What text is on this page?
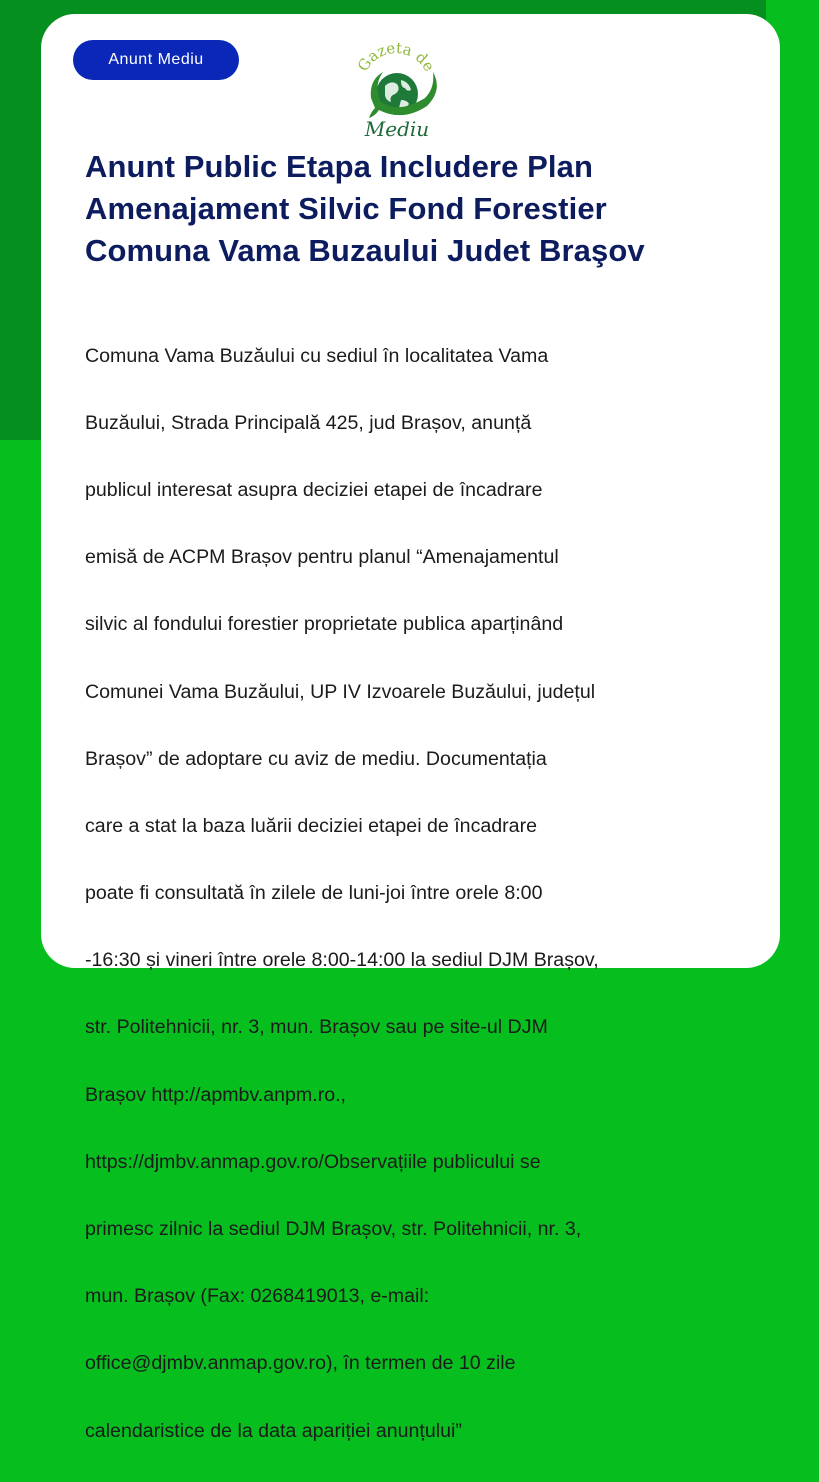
Anunt Mediu	Gazeta de
Mediu
Anunt Public Etapa Includere Plan
Amenajament Silvic Fond Forestier
Comuna Vama Buzaului Judet Braşov

Comuna Vama Buzăului cu sediul în localitatea Vama

Buzăului, Strada Principală 425, jud Brașov, anunță

publicul interesat asupra deciziei etapei de încadrare

emisă de ACPM Brașov pentru planul “Amenajamentul

silvic al fondului forestier proprietate publica aparținând

Comunei Vama Buzăului, UP IV Izvoarele Buzăului, județul

Brașov” de adoptare cu aviz de mediu. Documentația

care a stat la baza luării deciziei etapei de încadrare

poate fi consultată în zilele de luni-joi între orele 8:00

-16:30 și vineri între orele 8:00-14:00 la sediul DJM Brașov,

str. Politehnicii, nr. 3, mun. Brașov sau pe site-ul DJM

Brașov http://apmbv.anpm.ro.,

https://djmbv.anmap.gov.ro/Observațiile publicului se

primesc zilnic la sediul DJM Brașov, str. Politehnicii, nr. 3,

mun. Brașov (Fax: 0268419013, e-mail:

office@djmbv.anmap.gov.ro), în termen de 10 zile

calendaristice de la data apariției anunțului”
